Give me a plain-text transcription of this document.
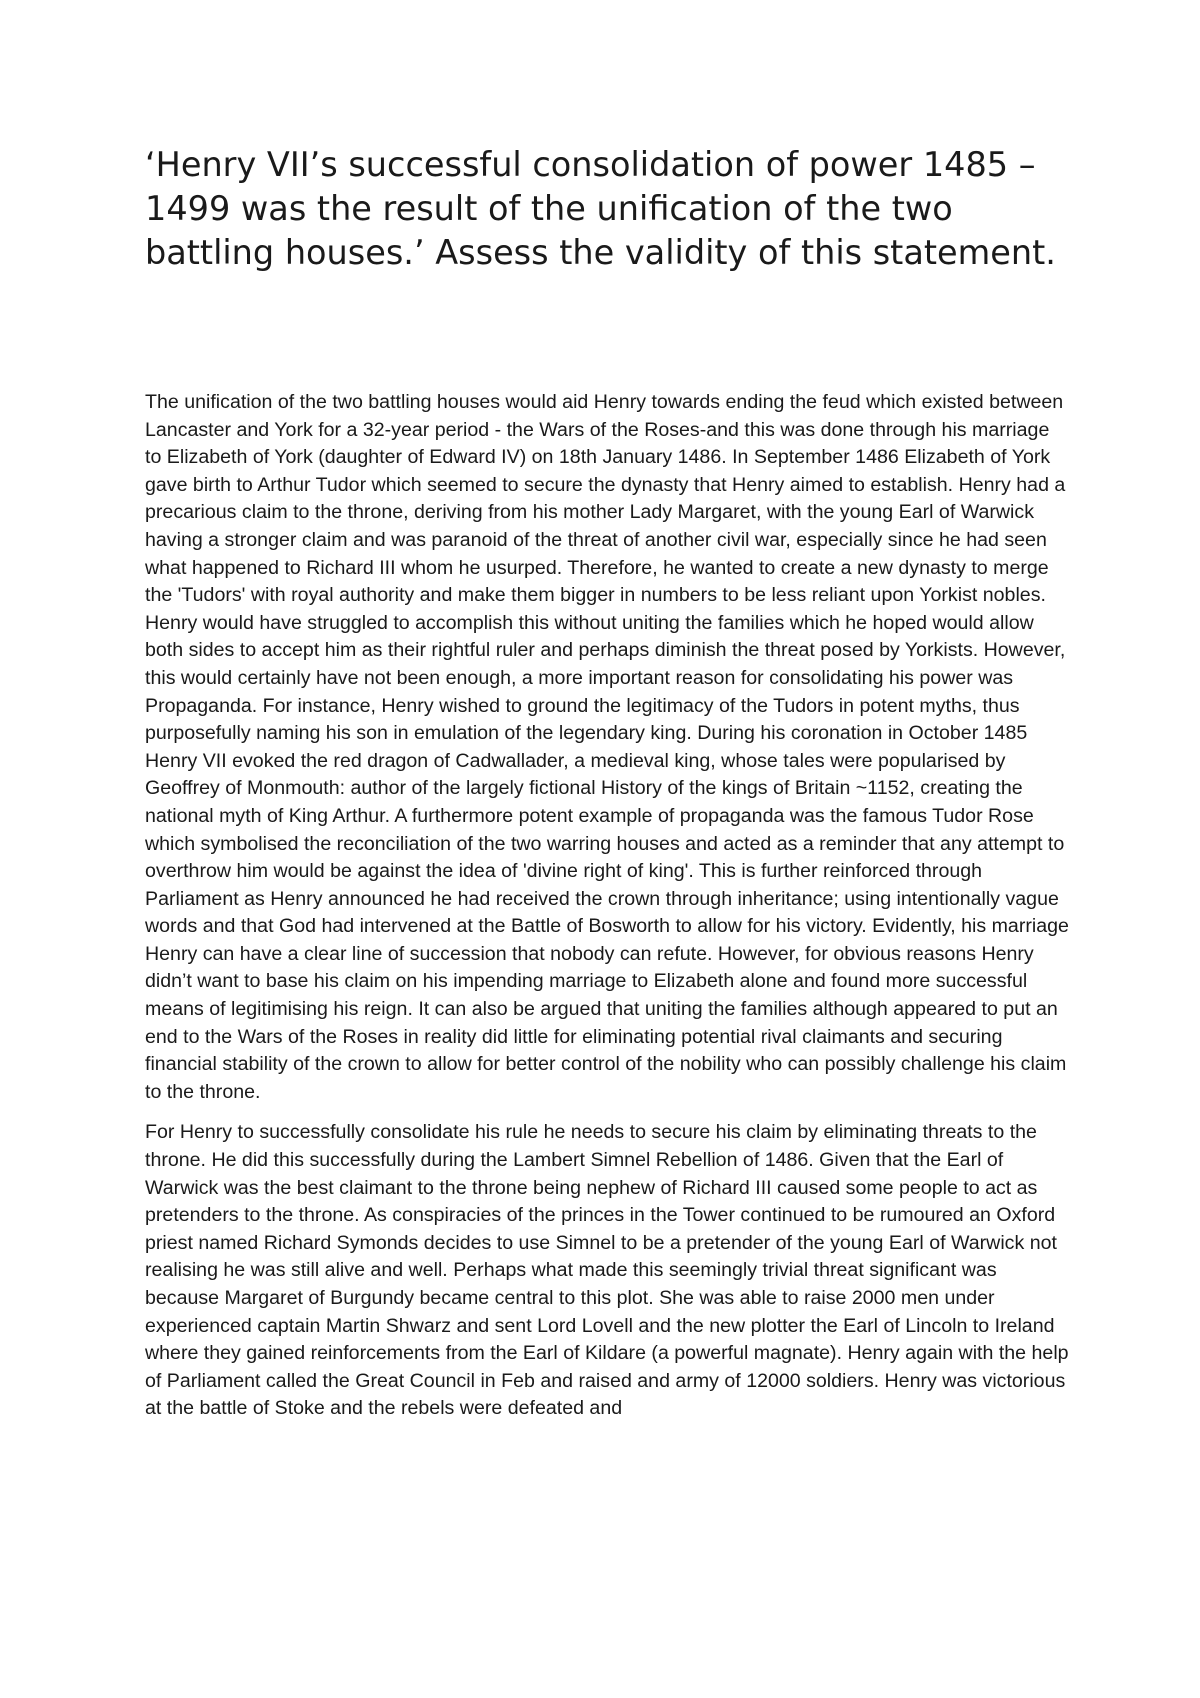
‘Henry VII’s successful consolidation of power 1485 – 1499 was the result of the unification of the two battling houses.’ Assess the validity of this statement.

The unification of the two battling houses would aid Henry towards ending the feud which existed between Lancaster and York for a 32-year period - the Wars of the Roses-and this was done through his marriage to Elizabeth of York (daughter of Edward IV) on 18th January 1486. In September 1486 Elizabeth of York gave birth to Arthur Tudor which seemed to secure the dynasty that Henry aimed to establish. Henry had a precarious claim to the throne, deriving from his mother Lady Margaret, with the young Earl of Warwick having a stronger claim and was paranoid of the threat of another civil war, especially since he had seen what happened to Richard III whom he usurped. Therefore, he wanted to create a new dynasty to merge the 'Tudors' with royal authority and make them bigger in numbers to be less reliant upon Yorkist nobles. Henry would have struggled to accomplish this without uniting the families which he hoped would allow both sides to accept him as their rightful ruler and perhaps diminish the threat posed by Yorkists. However, this would certainly have not been enough, a more important reason for consolidating his power was Propaganda. For instance, Henry wished to ground the legitimacy of the Tudors in potent myths, thus purposefully naming his son in emulation of the legendary king. During his coronation in October 1485 Henry VII evoked the red dragon of Cadwallader, a medieval king, whose tales were popularised by Geoffrey of Monmouth: author of the largely fictional History of the kings of Britain ~1152, creating the national myth of King Arthur. A furthermore potent example of propaganda was the famous Tudor Rose which symbolised the reconciliation of the two warring houses and acted as a reminder that any attempt to overthrow him would be against the idea of 'divine right of king'. This is further reinforced through Parliament as Henry announced he had received the crown through inheritance; using intentionally vague words and that God had intervened at the Battle of Bosworth to allow for his victory. Evidently, his marriage Henry can have a clear line of succession that nobody can refute. However, for obvious reasons Henry didn’t want to base his claim on his impending marriage to Elizabeth alone and found more successful means of legitimising his reign. It can also be argued that uniting the families although appeared to put an end to the Wars of the Roses in reality did little for eliminating potential rival claimants and securing financial stability of the crown to allow for better control of the nobility who can possibly challenge his claim to the throne.

For Henry to successfully consolidate his rule he needs to secure his claim by eliminating threats to the throne. He did this successfully during the Lambert Simnel Rebellion of 1486. Given that the Earl of Warwick was the best claimant to the throne being nephew of Richard III caused some people to act as pretenders to the throne. As conspiracies of the princes in the Tower continued to be rumoured an Oxford priest named Richard Symonds decides to use Simnel to be a pretender of the young Earl of Warwick not realising he was still alive and well. Perhaps what made this seemingly trivial threat significant was because Margaret of Burgundy became central to this plot. She was able to raise 2000 men under experienced captain Martin Shwarz and sent Lord Lovell and the new plotter the Earl of Lincoln to Ireland where they gained reinforcements from the Earl of Kildare (a powerful magnate). Henry again with the help of Parliament called the Great Council in Feb and raised and army of 12000 soldiers. Henry was victorious at the battle of Stoke and the rebels were defeated and
